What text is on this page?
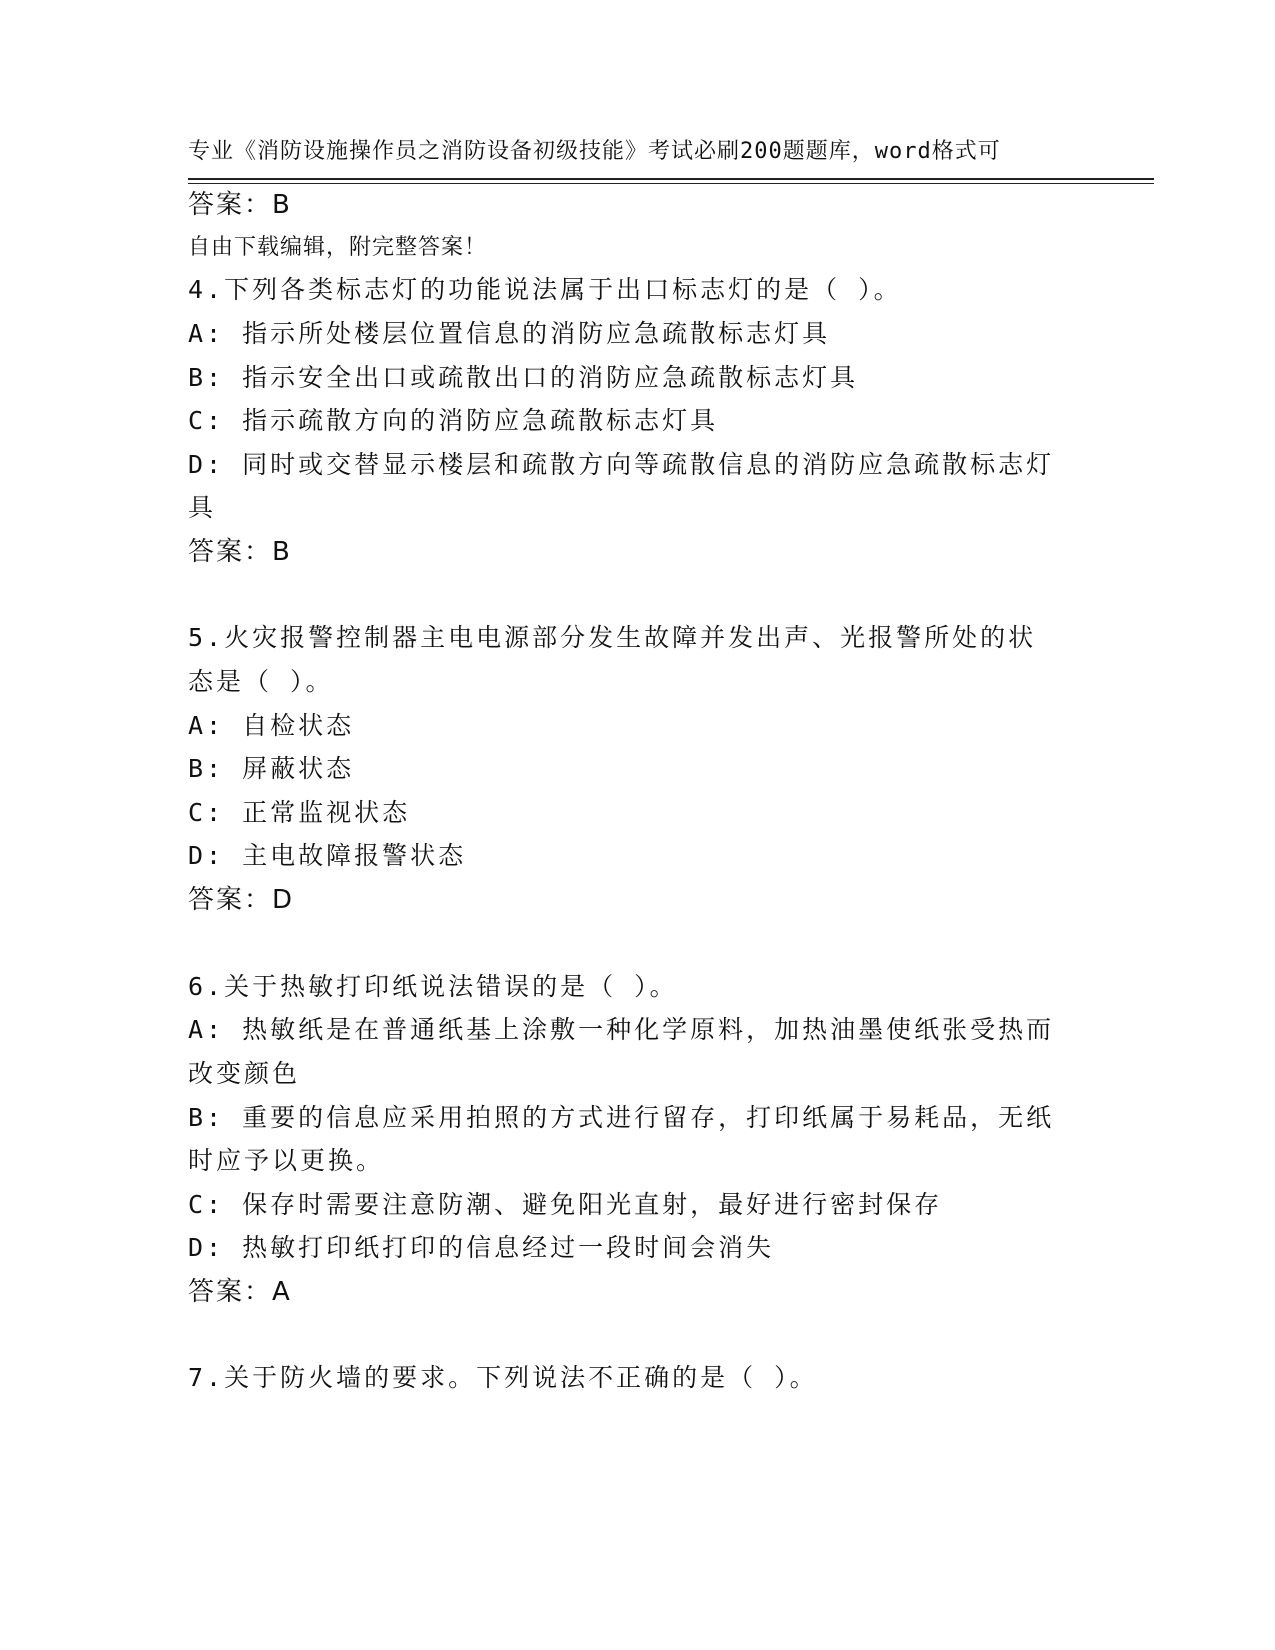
专业《消防设施操作员之消防设备初级技能》考试必刷200题题库，word格式可

自由下载编辑，附完整答案！

答案：B
4.下列各类标志灯的功能说法属于出口标志灯的是（ ）。
A: 指示所处楼层位置信息的消防应急疏散标志灯具
B: 指示安全出口或疏散出口的消防应急疏散标志灯具
C: 指示疏散方向的消防应急疏散标志灯具
D: 同时或交替显示楼层和疏散方向等疏散信息的消防应急疏散标志灯
具
答案：B
5.火灾报警控制器主电电源部分发生故障并发出声、光报警所处的状
态是（ ）。
A: 自检状态
B: 屏蔽状态
C: 正常监视状态
D: 主电故障报警状态
答案：D
6.关于热敏打印纸说法错误的是（ ）。
A: 热敏纸是在普通纸基上涂敷一种化学原料，加热油墨使纸张受热而
改变颜色
B: 重要的信息应采用拍照的方式进行留存，打印纸属于易耗品，无纸
时应予以更换。
C: 保存时需要注意防潮、避免阳光直射，最好进行密封保存
D: 热敏打印纸打印的信息经过一段时间会消失
答案：A
7.关于防火墙的要求。下列说法不正确的是（ ）。
